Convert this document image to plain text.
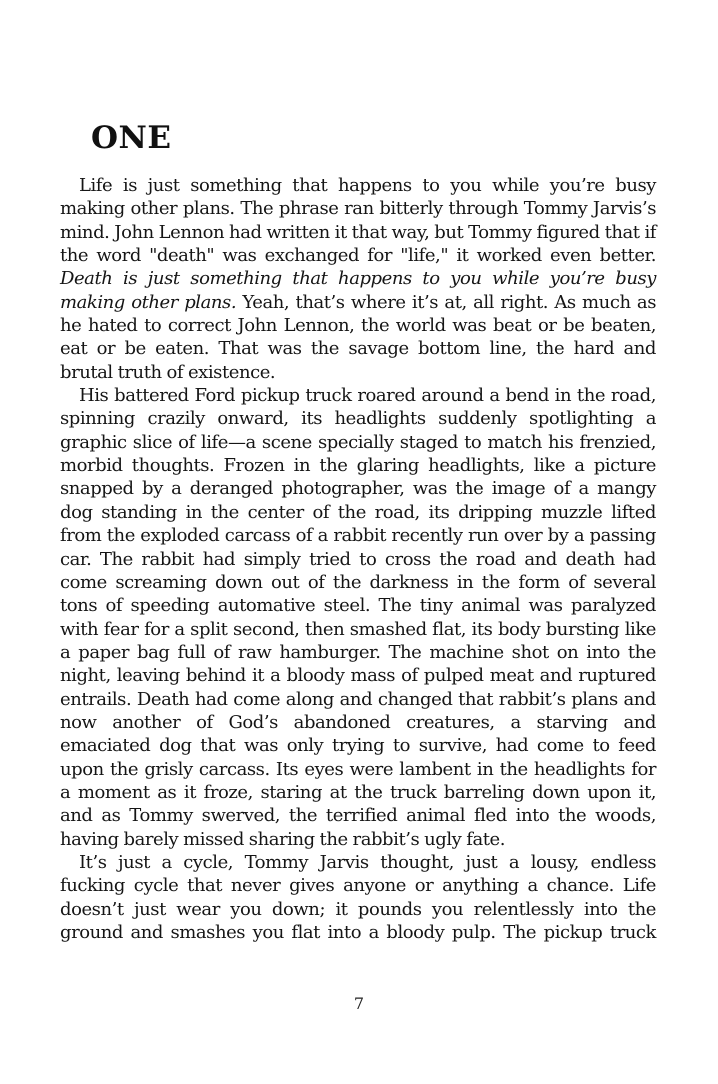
ONE

Life is just something that happens to you while you’re busy making other plans. The phrase ran bitterly through Tommy Jarvis’s mind. John Lennon had written it that way, but Tommy figured that if the word "death" was exchanged for "life," it worked even better. Death is just something that happens to you while you’re busy making other plans. Yeah, that’s where it’s at, all right. As much as he hated to correct John Lennon, the world was beat or be beaten, eat or be eaten. That was the savage bottom line, the hard and brutal truth of existence.

His battered Ford pickup truck roared around a bend in the road, spinning crazily onward, its headlights suddenly spotlighting a graphic slice of life—a scene specially staged to match his frenzied, morbid thoughts. Frozen in the glaring headlights, like a picture snapped by a deranged photographer, was the image of a mangy dog standing in the center of the road, its dripping muzzle lifted from the exploded carcass of a rabbit recently run over by a passing car. The rabbit had simply tried to cross the road and death had come screaming down out of the darkness in the form of several tons of speeding automative steel. The tiny animal was paralyzed with fear for a split second, then smashed flat, its body bursting like a paper bag full of raw hamburger. The machine shot on into the night, leaving behind it a bloody mass of pulped meat and ruptured entrails. Death had come along and changed that rabbit’s plans and now another of God’s abandoned creatures, a starving and emaciated dog that was only trying to survive, had come to feed upon the grisly carcass. Its eyes were lambent in the headlights for a moment as it froze, staring at the truck barreling down upon it, and as Tommy swerved, the terrified animal fled into the woods, having barely missed sharing the rabbit’s ugly fate.

It’s just a cycle, Tommy Jarvis thought, just a lousy, endless fucking cycle that never gives anyone or anything a chance. Life doesn’t just wear you down; it pounds you relentlessly into the ground and smashes you flat into a bloody pulp. The pickup truck

7
